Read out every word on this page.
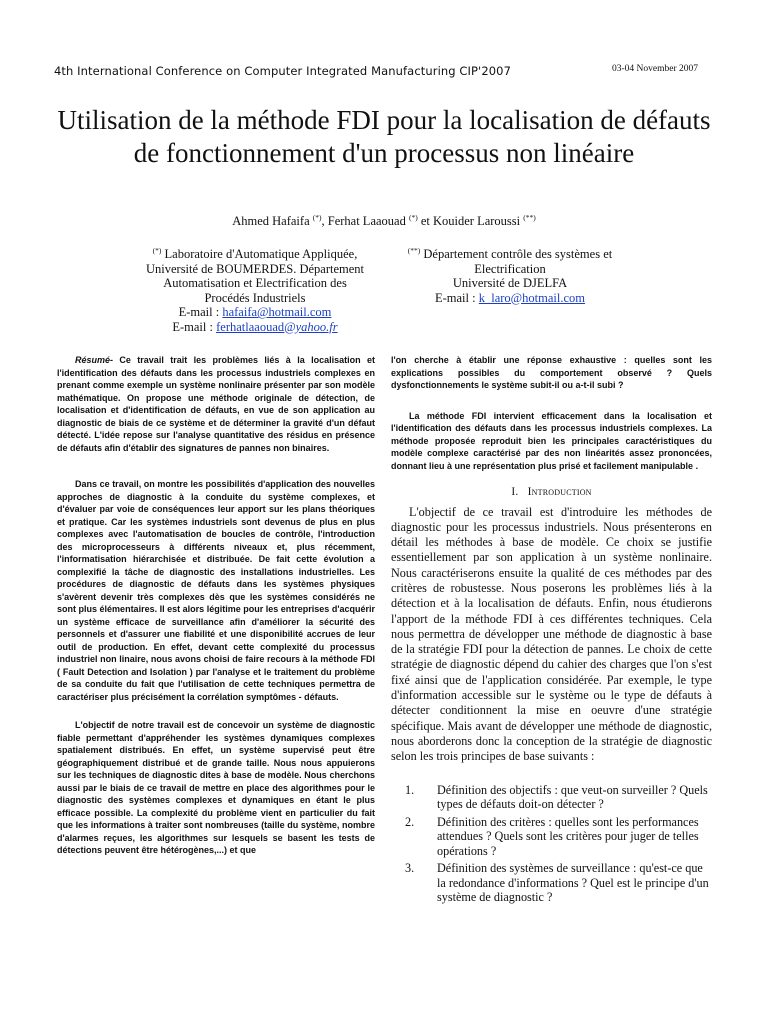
4th International Conference on Computer Integrated Manufacturing CIP'2007	03-04 November 2007
Utilisation de la méthode FDI pour la localisation de défauts de fonctionnement d'un processus non linéaire
Ahmed Hafaifa (*), Ferhat Laaouad (*) et Kouider Laroussi (**)
(*) Laboratoire d'Automatique Appliquée,
Université de BOUMERDES. Département
Automatisation et Electrification des
Procédés Industriels
E-mail : hafaifa@hotmail.com
E-mail : ferhatlaaouad@yahoo.fr
(**) Département contrôle des systèmes et
Electrification
Université de DJELFA
E-mail : k_laro@hotmail.com

Résumé- Ce travail trait les problèmes liés à la localisation et l'identification des défauts dans les processus industriels complexes en prenant comme exemple un système nonlinaire présenter par son modèle mathématique. On propose une méthode originale de détection, de localisation et d'identification de défauts, en vue de son application au diagnostic de biais de ce système et de déterminer la gravité d'un défaut détecté. L'idée repose sur l'analyse quantitative des résidus en présence de défauts afin d'établir des signatures de pannes non binaires.

Dans ce travail, on montre les possibilités d'application des nouvelles approches de diagnostic à la conduite du système complexes, et d'évaluer par voie de conséquences leur apport sur les plans théoriques et pratique. Car les systèmes industriels sont devenus de plus en plus complexes avec l'automatisation de boucles de contrôle, l'introduction des microprocesseurs à différents niveaux et, plus récemment, l'informatisation hiérarchisée et distribuée. De fait cette évolution a complexifié la tâche de diagnostic des installations industrielles. Les procédures de diagnostic de défauts dans les systèmes physiques s'avèrent devenir très complexes dès que les systèmes considérés ne sont plus élémentaires. Il est alors légitime pour les entreprises d'acquérir un système efficace de surveillance afin d'améliorer la sécurité des personnels et d'assurer une fiabilité et une disponibilité accrues de leur outil de production. En effet, devant cette complexité du processus industriel non linaire, nous avons choisi de faire recours à la méthode FDI ( Fault Detection and Isolation ) par l'analyse et le traitement du problème de sa conduite du fait que l'utilisation de cette techniques permettra de caractériser plus précisément la corrélation symptômes - défauts.

L'objectif de notre travail est de concevoir un système de diagnostic fiable permettant d'appréhender les systèmes dynamiques complexes spatialement distribués. En effet, un système supervisé peut être géographiquement distribué et de grande taille. Nous nous appuierons sur les techniques de diagnostic dites à base de modèle. Nous cherchons aussi par le biais de ce travail de mettre en place des algorithmes pour le diagnostic des systèmes complexes et dynamiques en étant le plus efficace possible. La complexité du problème vient en particulier du fait que les informations à traiter sont nombreuses (taille du système, nombre d'alarmes reçues, les algorithmes sur lesquels se basent les tests de détections peuvent être hétérogènes,...) et que

l'on cherche à établir une réponse exhaustive : quelles sont les explications possibles du comportement observé ? Quels dysfonctionnements le système subit-il ou a-t-il subi ?

La méthode FDI intervient efficacement dans la localisation et l'identification des défauts dans les processus industriels complexes. La méthode proposée reproduit bien les principales caractéristiques du modèle complexe caractérisé par des non linéarités assez prononcées, donnant lieu à une représentation plus prisé et facilement manipulable .

I. Introduction

L'objectif de ce travail est d'introduire les méthodes de diagnostic pour les processus industriels. Nous présenterons en détail les méthodes à base de modèle. Ce choix se justifie essentiellement par son application à un système nonlinaire. Nous caractériserons ensuite la qualité de ces méthodes par des critères de robustesse. Nous poserons les problèmes liés à la détection et à la localisation de défauts. Enfin, nous étudierons l'apport de la méthode FDI à ces différentes techniques. Cela nous permettra de développer une méthode de diagnostic à base de la stratégie FDI pour la détection de pannes. Le choix de cette stratégie de diagnostic dépend du cahier des charges que l'on s'est fixé ainsi que de l'application considérée. Par exemple, le type d'information accessible sur le système ou le type de défauts à détecter conditionnent la mise en oeuvre d'une stratégie spécifique. Mais avant de développer une méthode de diagnostic, nous aborderons donc la conception de la stratégie de diagnostic selon les trois principes de base suivants :

1. Définition des objectifs : que veut-on surveiller ? Quels types de défauts doit-on détecter ?
2. Définition des critères : quelles sont les performances attendues ? Quels sont les critères pour juger de telles opérations ?
3. Définition des systèmes de surveillance : qu'est-ce que la redondance d'informations ? Quel est le principe d'un système de diagnostic ?
